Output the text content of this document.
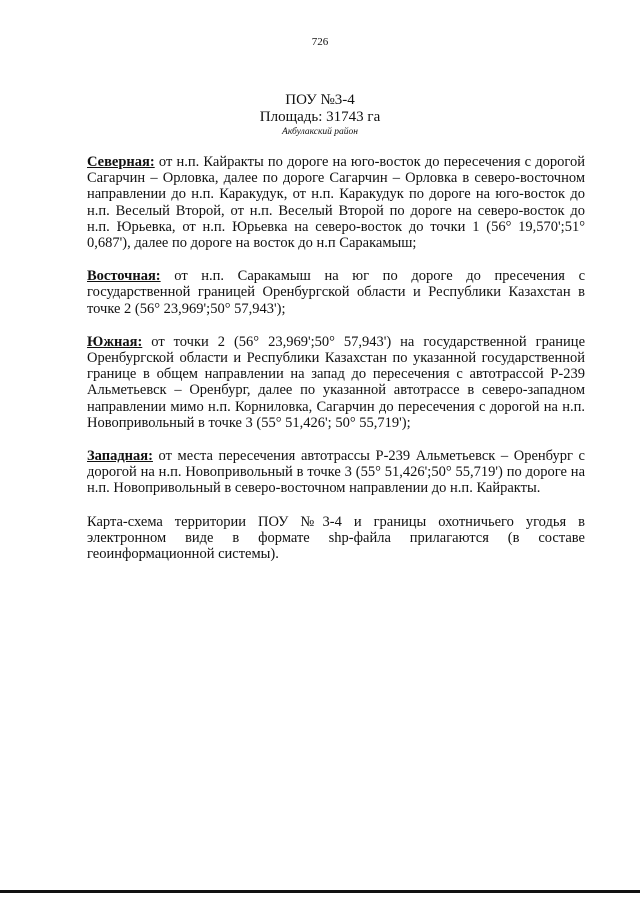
726
ПОУ №3-4
Площадь: 31743 га
Акбулакский район

Северная: от н.п. Кайракты по дороге на юго-восток до пересечения с дорогой Сагарчин – Орловка, далее по дороге Сагарчин – Орловка в северо-восточном направлении до н.п. Каракудук, от н.п. Каракудук по дороге на юго-восток до н.п. Веселый Второй, от н.п. Веселый Второй по дороге на северо-восток до н.п. Юрьевка, от н.п. Юрьевка на северо-восток до точки 1 (56° 19,570';51° 0,687'), далее по дороге на восток до н.п Саракамыш;

Восточная: от н.п. Саракамыш на юг по дороге до пресечения с государственной границей Оренбургской области и Республики Казахстан в точке 2 (56° 23,969';50° 57,943');

Южная: от точки 2 (56° 23,969';50° 57,943') на государственной границе Оренбургской области и Республики Казахстан по указанной государственной границе в общем направлении на запад до пересечения с автотрассой Р-239 Альметьевск – Оренбург, далее по указанной автотрассе в северо-западном направлении мимо н.п. Корниловка, Сагарчин до пересечения с дорогой на н.п. Новопривольный в точке 3 (55° 51,426'; 50° 55,719');

Западная: от места пересечения автотрассы Р-239 Альметьевск – Оренбург с дорогой на н.п. Новопривольный в точке 3 (55° 51,426';50° 55,719') по дороге на н.п. Новопривольный в северо-восточном направлении до н.п. Кайракты.

Карта-схема территории ПОУ №3-4 и границы охотничьего угодья в электронном виде в формате shp-файла прилагаются (в составе геоинформационной системы).
